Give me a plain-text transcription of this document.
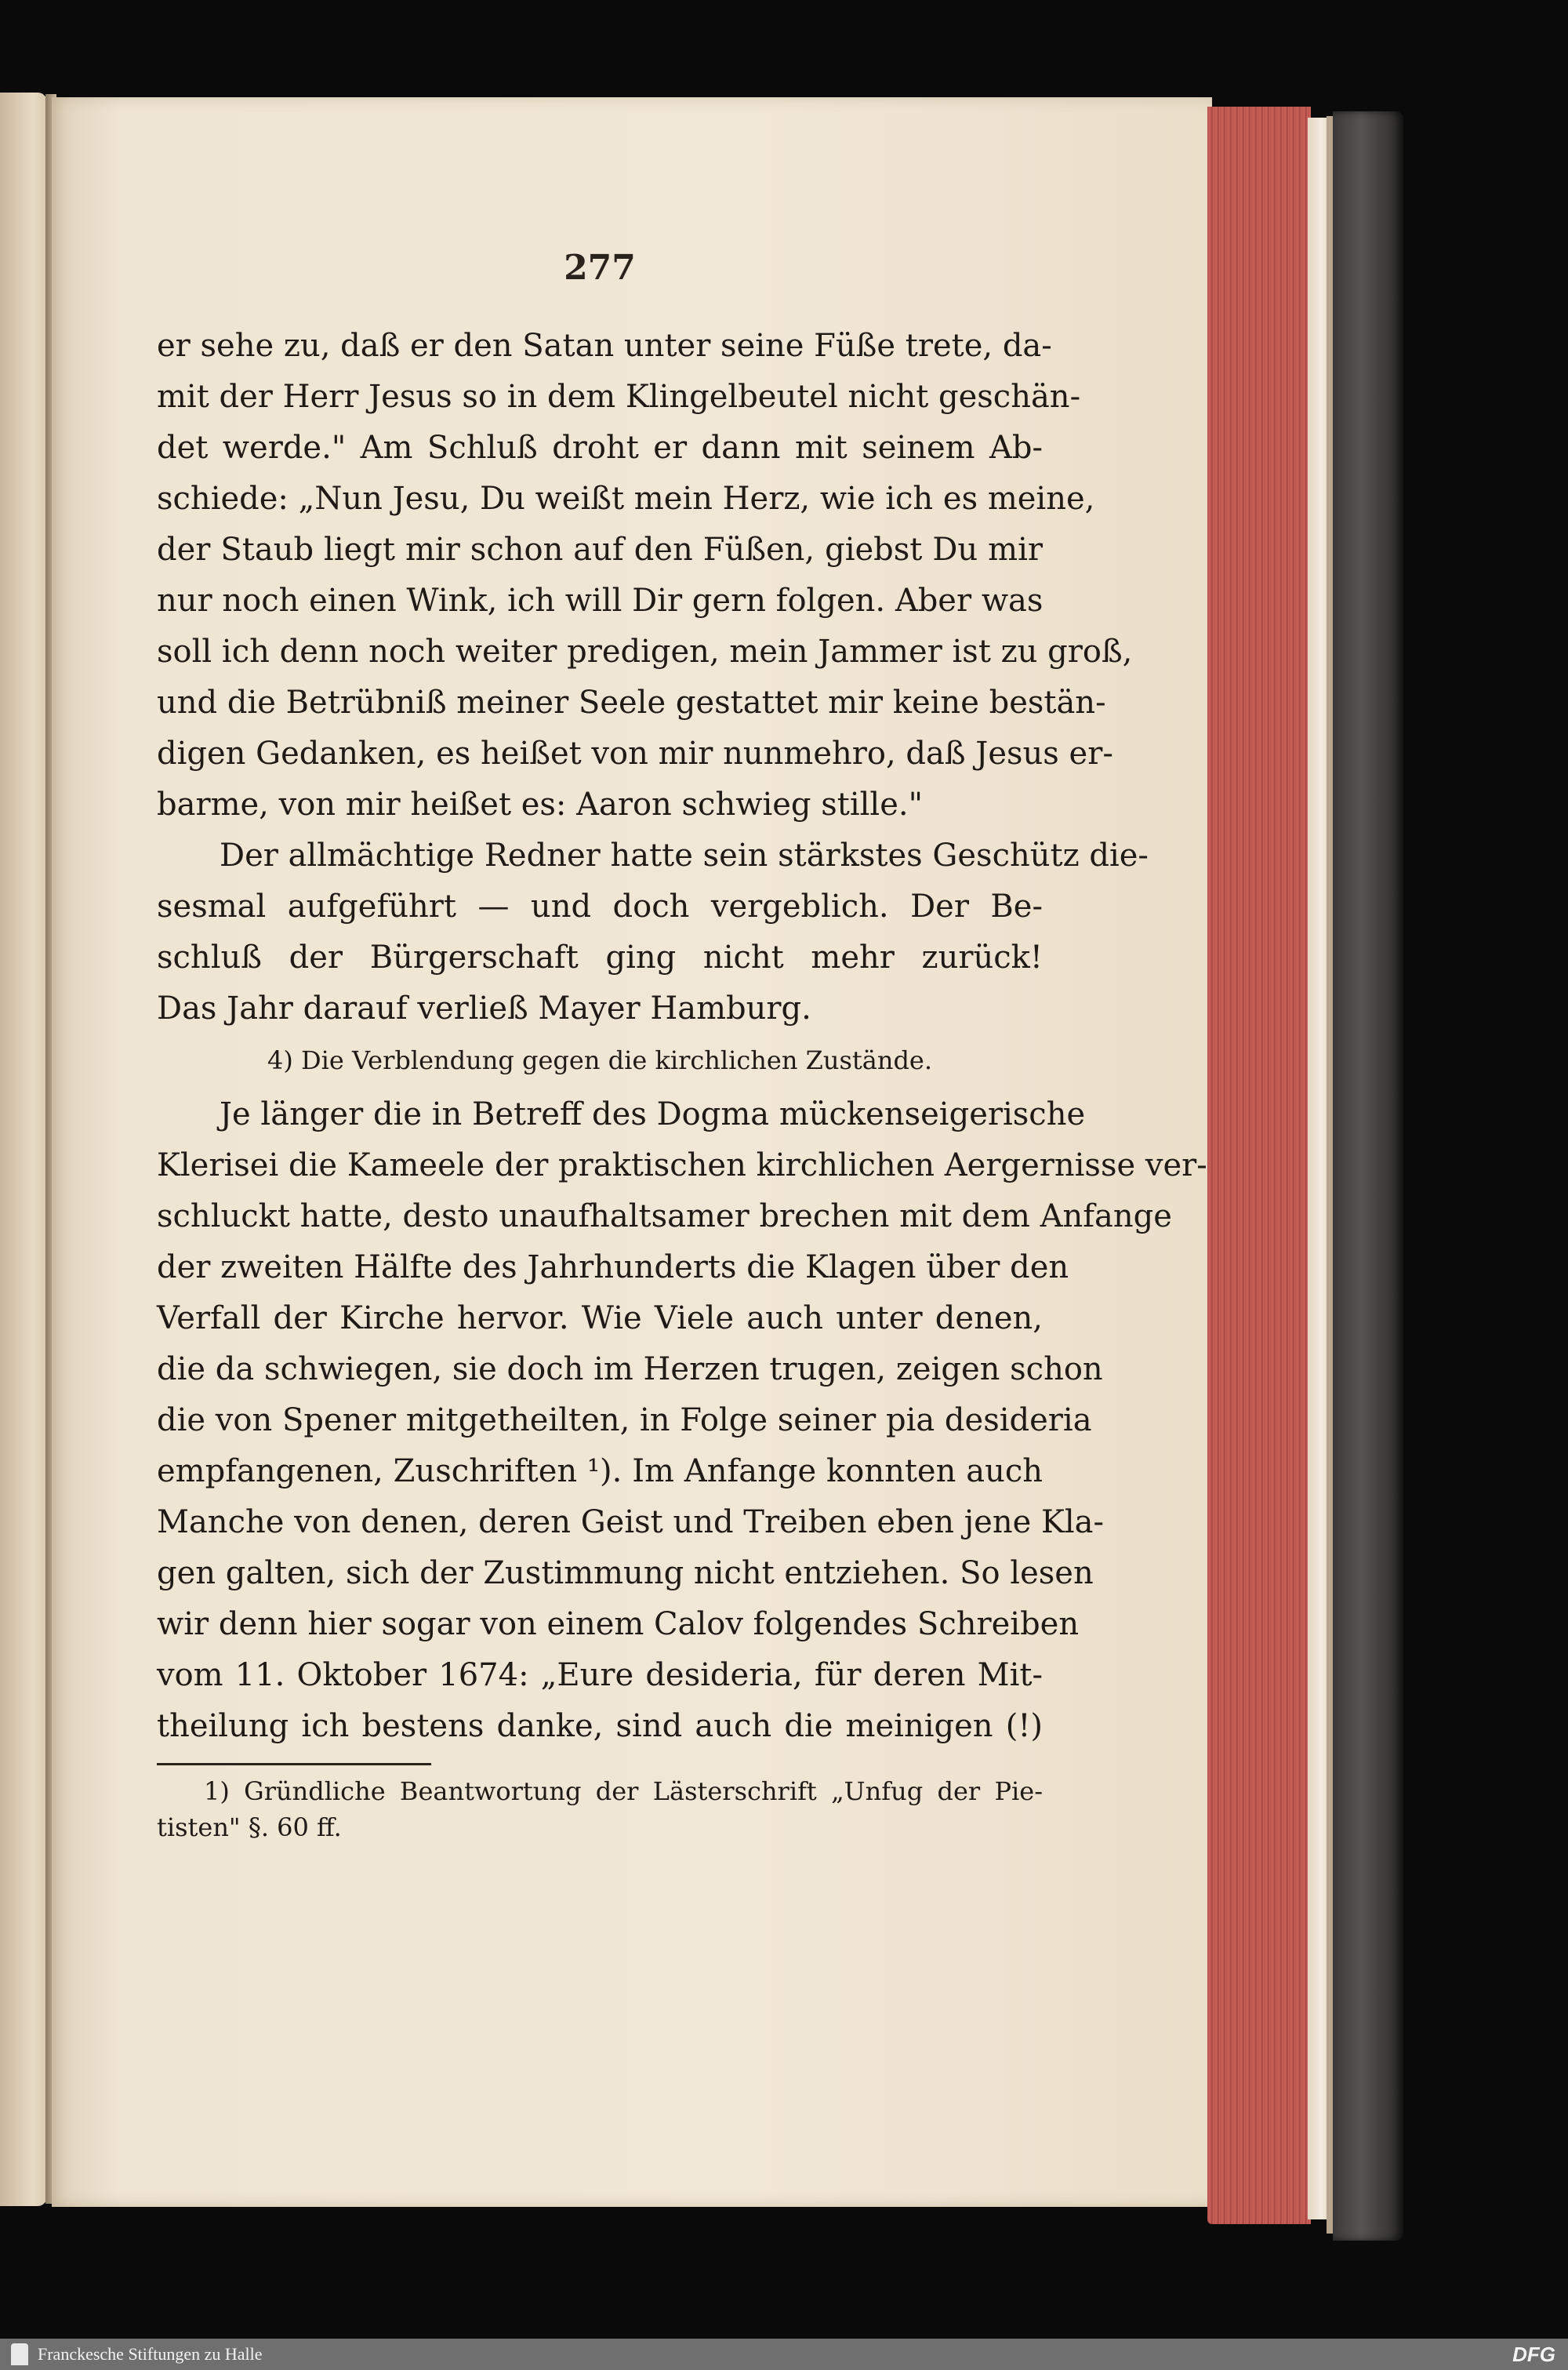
277
er sehe zu, daß er den Satan unter seine Füße trete, da-
mit der Herr Jesus so in dem Klingelbeutel nicht geschän-
det werde." Am Schluß droht er dann mit seinem Ab-
schiede: „Nun Jesu, Du weißt mein Herz, wie ich es meine,
der Staub liegt mir schon auf den Füßen, giebst Du mir
nur noch einen Wink, ich will Dir gern folgen. Aber was
soll ich denn noch weiter predigen, mein Jammer ist zu groß,
und die Betrübniß meiner Seele gestattet mir keine bestän-
digen Gedanken, es heißet von mir nunmehro, daß Jesus er-
barme, von mir heißet es: Aaron schwieg stille."
Der allmächtige Redner hatte sein stärkstes Geschütz die-
sesmal aufgeführt — und doch vergeblich. Der Be-
schluß der Bürgerschaft ging nicht mehr zurück!
Das Jahr darauf verließ Mayer Hamburg.
4) Die Verblendung gegen die kirchlichen Zustände.
Je länger die in Betreff des Dogma mückenseigerische
Klerisei die Kameele der praktischen kirchlichen Aergernisse ver-
schluckt hatte, desto unaufhaltsamer brechen mit dem Anfange
der zweiten Hälfte des Jahrhunderts die Klagen über den
Verfall der Kirche hervor. Wie Viele auch unter denen,
die da schwiegen, sie doch im Herzen trugen, zeigen schon
die von Spener mitgetheilten, in Folge seiner pia desideria
empfangenen, Zuschriften ¹). Im Anfange konnten auch
Manche von denen, deren Geist und Treiben eben jene Kla-
gen galten, sich der Zustimmung nicht entziehen. So lesen
wir denn hier sogar von einem Calov folgendes Schreiben
vom 11. Oktober 1674: „Eure desideria, für deren Mit-
theilung ich bestens danke, sind auch die meinigen (!)
1) Gründliche Beantwortung der Lästerschrift „Unfug der Pie-
tisten" §. 60 ff.
Franckesche Stiftungen zu Halle	DFG
